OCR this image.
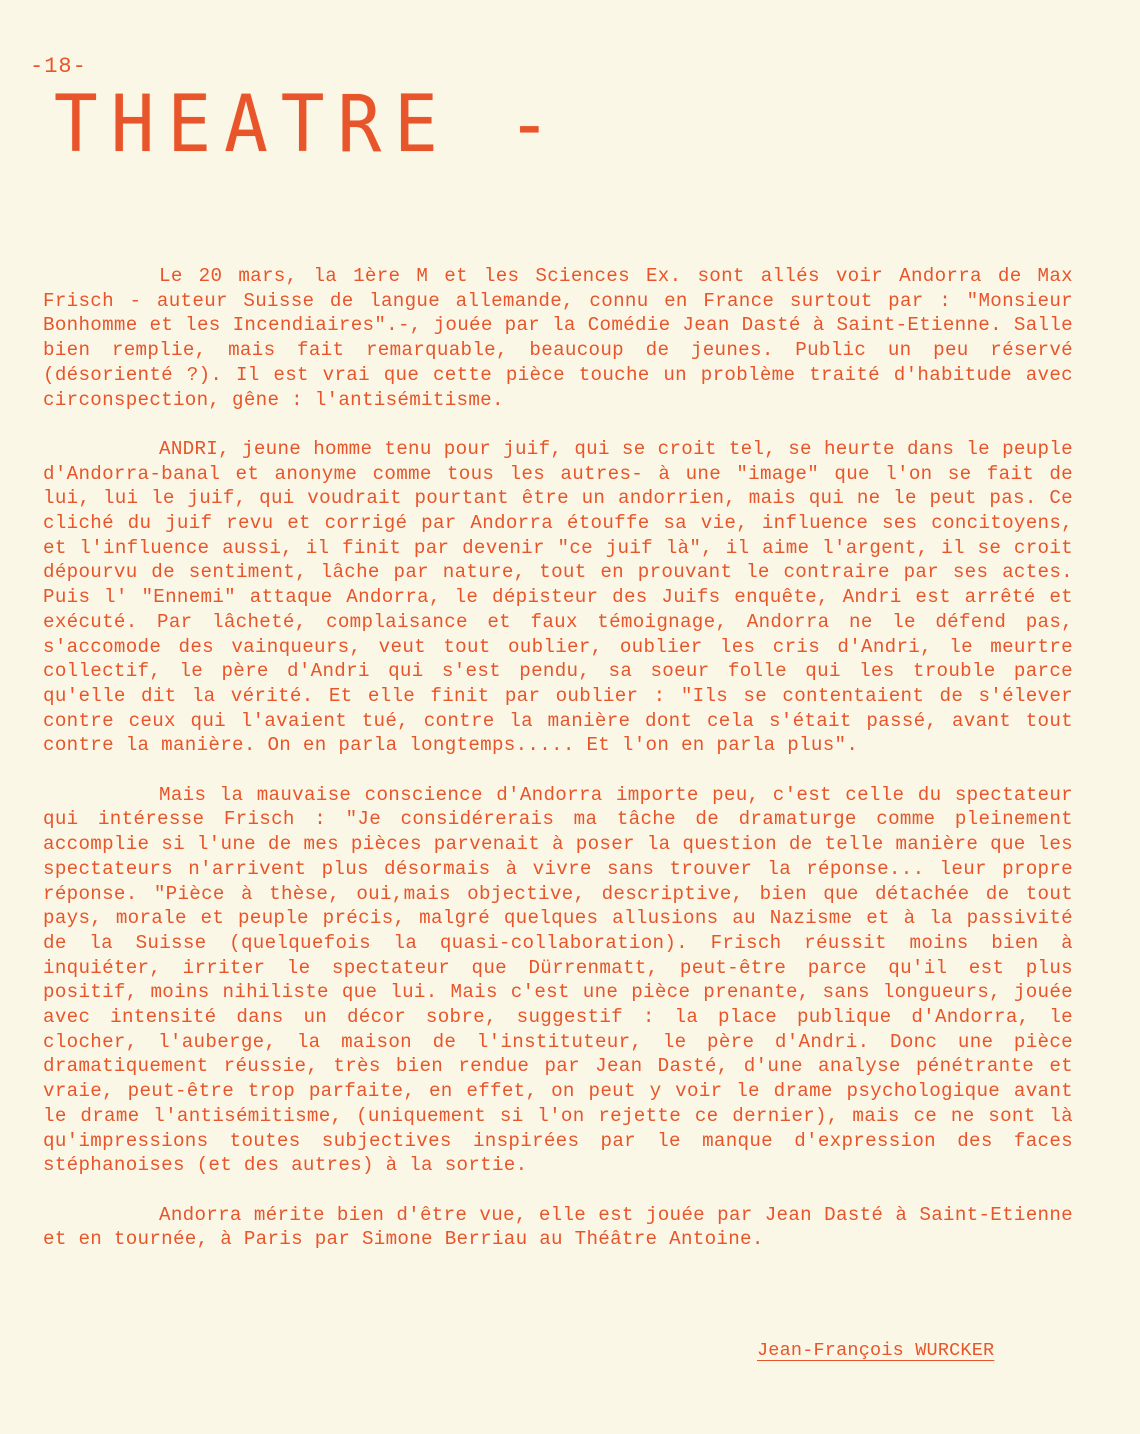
-18-
THEATRE -

Le 20 mars, la 1ère M et les Sciences Ex. sont allés voir Andorra de Max Frisch - auteur Suisse de langue allemande, connu en France surtout par : "Monsieur Bonhomme et les Incendiaires".-, jouée par la Comédie Jean Dasté à Saint-Etienne. Salle bien remplie, mais fait remarquable, beaucoup de jeunes. Public un peu réservé (désorienté ?). Il est vrai que cette pièce touche un problème traité d'habitude avec circonspection, gêne : l'antisémitisme.

ANDRI, jeune homme tenu pour juif, qui se croit tel, se heurte dans le peuple d'Andorra-banal et anonyme comme tous les autres- à une "image" que l'on se fait de lui, lui le juif, qui voudrait pourtant être un andorrien, mais qui ne le peut pas. Ce cliché du juif revu et corrigé par Andorra étouffe sa vie, influence ses concitoyens, et l'influence aussi, il finit par devenir "ce juif là", il aime l'argent, il se croit dépourvu de sentiment, lâche par nature, tout en prouvant le contraire par ses actes. Puis l' "Ennemi" attaque Andorra, le dépisteur des Juifs enquête, Andri est arrêté et exécuté. Par lâcheté, complaisance et faux témoignage, Andorra ne le défend pas, s'accomode des vainqueurs, veut tout oublier, oublier les cris d'Andri, le meurtre collectif, le père d'Andri qui s'est pendu, sa soeur folle qui les trouble parce qu'elle dit la vérité. Et elle finit par oublier : "Ils se contentaient de s'élever contre ceux qui l'avaient tué, contre la manière dont cela s'était passé, avant tout contre la manière. On en parla longtemps..... Et l'on en parla plus".

Mais la mauvaise conscience d'Andorra importe peu, c'est celle du spectateur qui intéresse Frisch : "Je considérerais ma tâche de dramaturge comme pleinement accomplie si l'une de mes pièces parvenait à poser la question de telle manière que les spectateurs n'arrivent plus désormais à vivre sans trouver la réponse... leur propre réponse. "Pièce à thèse, oui,mais objective, descriptive, bien que détachée de tout pays, morale et peuple précis, malgré quelques allusions au Nazisme et à la passivité de la Suisse (quelquefois la quasi-collaboration). Frisch réussit moins bien à inquiéter, irriter le spectateur que Dürrenmatt, peut-être parce qu'il est plus positif, moins nihiliste que lui. Mais c'est une pièce prenante, sans longueurs, jouée avec intensité dans un décor sobre, suggestif : la place publique d'Andorra, le clocher, l'auberge, la maison de l'instituteur, le père d'Andri. Donc une pièce dramatiquement réussie, très bien rendue par Jean Dasté, d'une analyse pénétrante et vraie, peut-être trop parfaite, en effet, on peut y voir le drame psychologique avant le drame l'antisémitisme, (uniquement si l'on rejette ce dernier), mais ce ne sont là qu'impressions toutes subjectives inspirées par le manque d'expression des faces stéphanoises (et des autres) à la sortie.

Andorra mérite bien d'être vue, elle est jouée par Jean Dasté à Saint-Etienne et en tournée, à Paris par Simone Berriau au Théâtre Antoine.

Jean-François WURCKER
